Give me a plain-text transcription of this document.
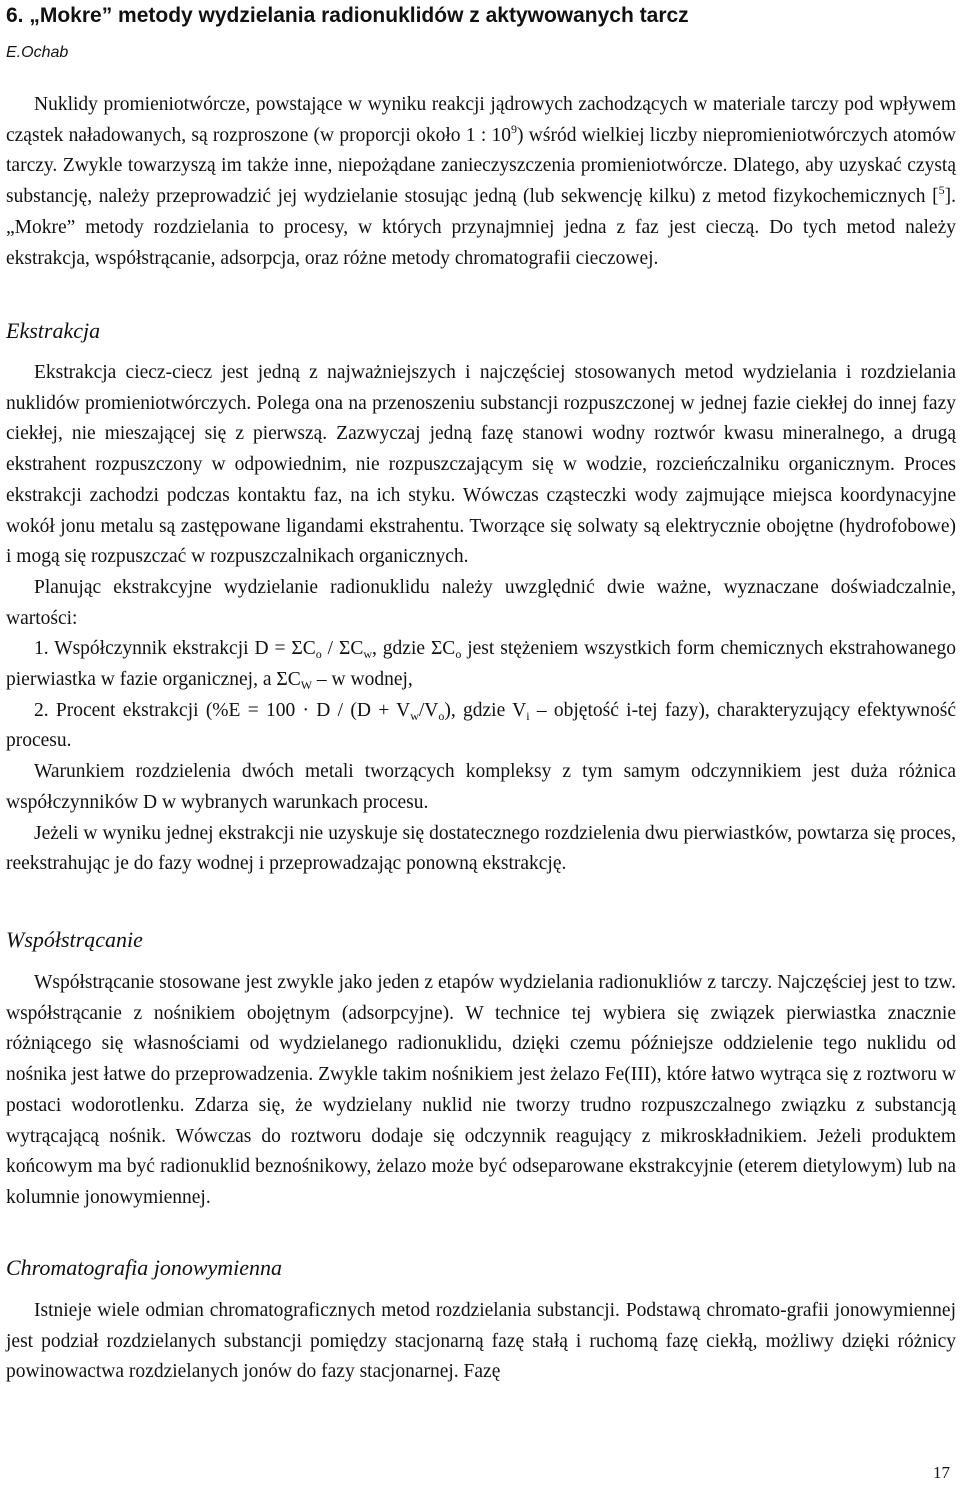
6. „Mokre” metody wydzielania radionuklidów z aktywowanych tarcz
E.Ochab

Nuklidy promieniotwórcze, powstające w wyniku reakcji jądrowych zachodzących w materiale tarczy pod wpływem cząstek naładowanych, są rozproszone (w proporcji około 1 : $10^9$) wśród wielkiej liczby niepromieniotwórczych atomów tarczy. Zwykle towarzyszą im także inne, niepożądane zanieczyszczenia promieniotwórcze. Dlatego, aby uzyskać czystą substancję, należy przeprowadzić jej wydzielanie stosując jedną (lub sekwencję kilku) z metod fizykochemicznych [$^5$]. „Mokre” metody rozdzielania to procesy, w których przynajmniej jedna z faz jest cieczą. Do tych metod należy ekstrakcja, współstrącanie, adsorpcja, oraz różne metody chromatografii cieczowej.

Ekstrakcja

Ekstrakcja ciecz-ciecz jest jedną z najważniejszych i najczęściej stosowanych metod wydzielania i rozdzielania nuklidów promieniotwórczych. Polega ona na przenoszeniu substancji rozpuszczonej w jednej fazie ciekłej do innej fazy ciekłej, nie mieszającej się z pierwszą. Zazwyczaj jedną fazę stanowi wodny roztwór kwasu mineralnego, a drugą ekstrahent rozpuszczony w odpowiednim, nie rozpuszczającym się w wodzie, rozcieńczalniku organicznym. Proces ekstrakcji zachodzi podczas kontaktu faz, na ich styku. Wówczas cząsteczki wody zajmujące miejsca koordynacyjne wokół jonu metalu są zastępowane ligandami ekstrahentu. Tworzące się solwaty są elektrycznie obojętne (hydrofobowe) i mogą się rozpuszczać w rozpuszczalnikach organicznych.

Planując ekstrakcyjne wydzielanie radionuklidu należy uwzględnić dwie ważne, wyznaczane doświadczalnie, wartości:

1. Współczynnik ekstrakcji $D = \Sigma C_o / \Sigma C_w$, gdzie $\Sigma C_o$ jest stężeniem wszystkich form chemicznych ekstrahowanego pierwiastka w fazie organicznej, a $\Sigma C_W$ – w wodnej,

2. Procent ekstrakcji ($\%E = 100 \cdot D / (D + V_w/V_o)$, gdzie $V_i$ – objętość i-tej fazy), charakteryzujący efektywność procesu.

Warunkiem rozdzielenia dwóch metali tworzących kompleksy z tym samym odczynnikiem jest duża różnica współczynników D w wybranych warunkach procesu.

Jeżeli w wyniku jednej ekstrakcji nie uzyskuje się dostatecznego rozdzielenia dwu pierwiastków, powtarza się proces, reekstrahując je do fazy wodnej i przeprowadzając ponowną ekstrakcję.

Współstrącanie

Współstrącanie stosowane jest zwykle jako jeden z etapów wydzielania radionukliów z tarczy. Najczęściej jest to tzw. współstrącanie z nośnikiem obojętnym (adsorpcyjne). W technice tej wybiera się związek pierwiastka znacznie różniącego się własnościami od wydzielanego radionuklidu, dzięki czemu późniejsze oddzielenie tego nuklidu od nośnika jest łatwe do przeprowadzenia. Zwykle takim nośnikiem jest żelazo Fe(III), które łatwo wytrąca się z roztworu w postaci wodorotlenku. Zdarza się, że wydzielany nuklid nie tworzy trudno rozpuszczalnego związku z substancją wytrącającą nośnik. Wówczas do roztworu dodaje się odczynnik reagujący z mikroskładnikiem. Jeżeli produktem końcowym ma być radionuklid beznośnikowy, żelazo może być odseparowane ekstrakcyjnie (eterem dietylowym) lub na kolumnie jonowymiennej.

Chromatografia jonowymienna

Istnieje wiele odmian chromatograficznych metod rozdzielania substancji. Podstawą chromato-grafii jonowymiennej jest podział rozdzielanych substancji pomiędzy stacjonarną fazę stałą i ruchomą fazę ciekłą, możliwy dzięki różnicy powinowactwa rozdzielanych jonów do fazy stacjonarnej. Fazę

17
